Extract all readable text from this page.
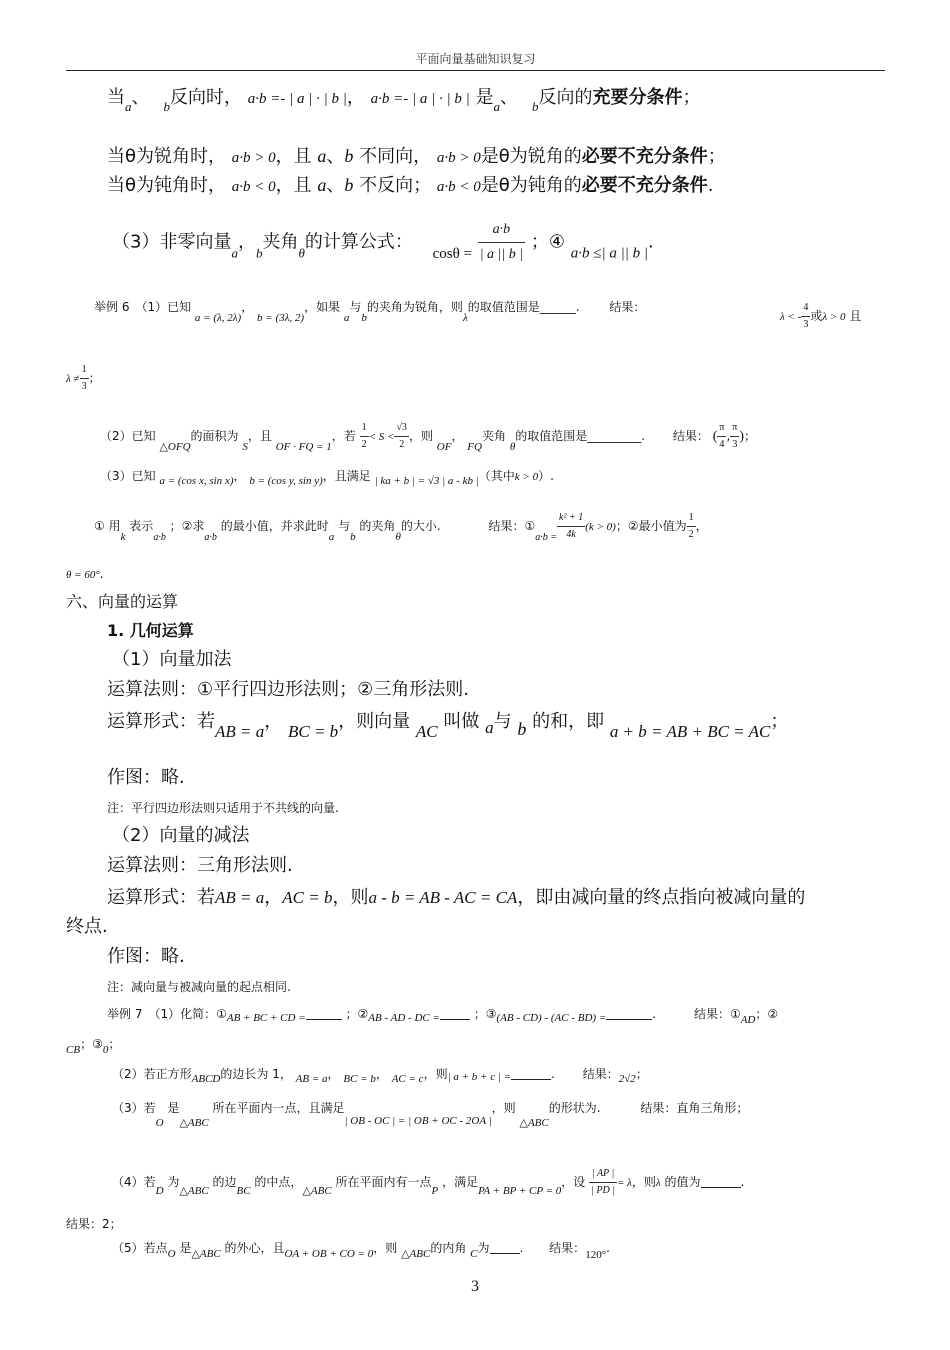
平面向量基础知识复习
当$_a$、 $_b$反向时， a·b =- | a | · | b |， a·b =- | a | · | b | 是$_a$、 $_b$反向的充要分条件；
当θ为锐角时， a·b > 0，且 a、b 不同向， a·b > 0是θ为锐角的必要不充分条件；
当θ为钝角时， a·b < 0，且 a、b 不反向； a·b < 0是θ为钝角的必要不充分条件.
（3）非零向量$_a$，$_b$夹角$_\theta$的计算公式： $_{cos\theta =} \frac{a\cdot b}{| a || b |}$ ；④ $_{a\cdot b \le| a || b |}$.
举例 6　（1）已知 a = (λ, 2λ)， b = (3λ, 2)，如果 a与b的夹角为锐角，则λ的取值范围是______. 结果：
λ < - $\frac{4}{3}$ 或λ > 0 且
$\lambda \ne \frac{1}{3}$ ；
（2）已知 △OFQ的面积为 S，且 OF · FQ = 1，若 $\frac{1}{2} < S < \frac{√3}{2}$ ，则 OF， FQ夹角 θ的取值范围是_________. 结果： ( $\frac{\pi}{4}$ , $\frac{\pi}{3}$ )；
（3）已知 a = (cos x, sin x)， b = (cos y, sin y)，且满足 | ka + b | = √3 | a - kb |（其中k > 0）.
① 用k 表示$_{a\cdot b}$ ；②求$_{a\cdot b}$ 的最小值，并求此时a 与b 的夹角θ的大小.	结果：$①_{a\cdot b =} \frac{\text{k² + 1}}{4k} (k > 0)$；②最小值为 $\frac{1}{2}$ ，
θ = 60°.
六、向量的运算
1. 几何运算
（1）向量加法
运算法则：①平行四边形法则；②三角形法则.
运算形式：若AB = a， BC = b，则向量 AC 叫做 a与 b 的和，即 a + b = AB + BC = AC；
作图：略.
注：平行四边形法则只适用于不共线的向量.
（2）向量的减法
运算法则：三角形法则.
运算形式：若AB = a，AC = b，则a - b = AB - AC = CA，即由减向量的终点指向被减向量的
终点.
作图：略.
注：减向量与被减向量的起点相同.
举例 7　（1）化简：①AB + BC + CD =	；②AB - AD - DC =	；③(AB - CD) - (AC - BD) =	.	结果：①AD；②
CB；③0；
（2）若正方形ABCD的边长为 1， AB = a， BC = b， AC = c，则| a + b + c | =	. 结果：2√2；
（3）若O 是△ABC 所在平面内一点，且满足| OB - OC | = | OB + OC - 2OA |，则 △ABC的形状为.	结果：直角三角形；
（4）若D 为△ABC 的边BC 的中点，△ABC 所在平面内有一点P ，满足PA + BP + CP = 0，设 $\frac{| AP |}{| PD |} = \lambda$，则λ 的值为	.
结果：2；
（5）若点O 是△ABC 的外心，且OA + OB + CO = 0，则 △ABC的内角 C为	. 结果：120°.
3
